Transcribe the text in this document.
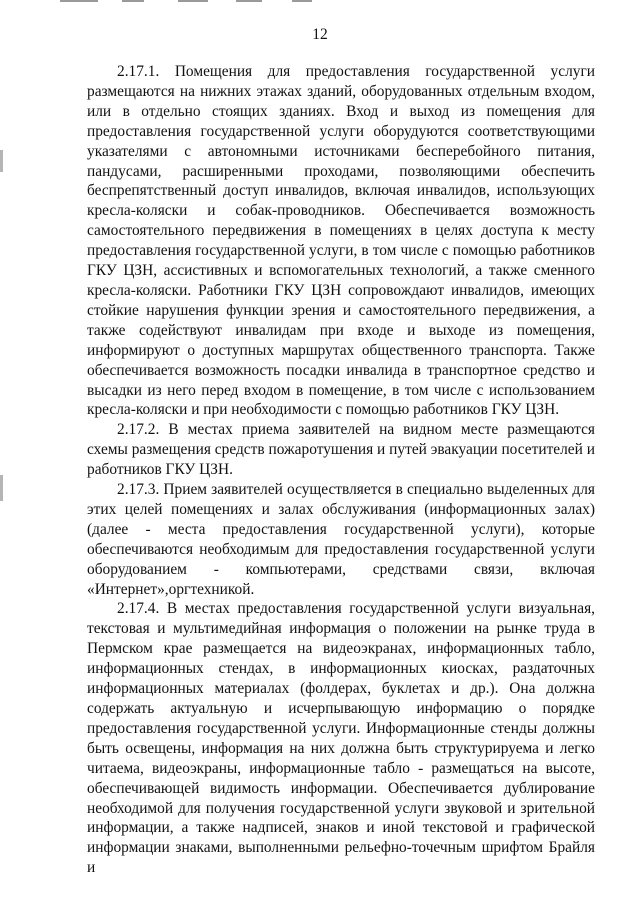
12

2.17.1. Помещения для предоставления государственной услуги размещаются на нижних этажах зданий, оборудованных отдельным входом, или в отдельно стоящих зданиях. Вход и выход из помещения для предоставления государственной услуги оборудуются соответствующими указателями с автономными источниками бесперебойного питания, пандусами, расширенными проходами, позволяющими обеспечить беспрепятственный доступ инвалидов, включая инвалидов, использующих кресла-коляски и собак-проводников. Обеспечивается возможность самостоятельного передвижения в помещениях в целях доступа к месту предоставления государственной услуги, в том числе с помощью работников ГКУ ЦЗН, ассистивных и вспомогательных технологий, а также сменного кресла-коляски. Работники ГКУ ЦЗН сопровождают инвалидов, имеющих стойкие нарушения функции зрения и самостоятельного передвижения, а также содействуют инвалидам при входе и выходе из помещения, информируют о доступных маршрутах общественного транспорта. Также обеспечивается возможность посадки инвалида в транспортное средство и высадки из него перед входом в помещение, в том числе с использованием кресла-коляски и при необходимости с помощью работников ГКУ ЦЗН.

2.17.2. В местах приема заявителей на видном месте размещаются схемы размещения средств пожаротушения и путей эвакуации посетителей и работников ГКУ ЦЗН.

2.17.3. Прием заявителей осуществляется в специально выделенных для этих целей помещениях и залах обслуживания (информационных залах) (далее - места предоставления государственной услуги), которые обеспечиваются необходимым для предоставления государственной услуги оборудованием - компьютерами, средствами связи, включая «Интернет»,оргтехникой.

2.17.4. В местах предоставления государственной услуги визуальная, текстовая и мультимедийная информация о положении на рынке труда в Пермском крае размещается на видеоэкранах, информационных табло, информационных стендах, в информационных киосках, раздаточных информационных материалах (фолдерах, буклетах и др.). Она должна содержать актуальную и исчерпывающую информацию о порядке предоставления государственной услуги. Информационные стенды должны быть освещены, информация на них должна быть структурируема и легко читаема, видеоэкраны, информационные табло - размещаться на высоте, обеспечивающей видимость информации. Обеспечивается дублирование необходимой для получения государственной услуги звуковой и зрительной информации, а также надписей, знаков и иной текстовой и графической информации знаками, выполненными рельефно-точечным шрифтом Брайля и
